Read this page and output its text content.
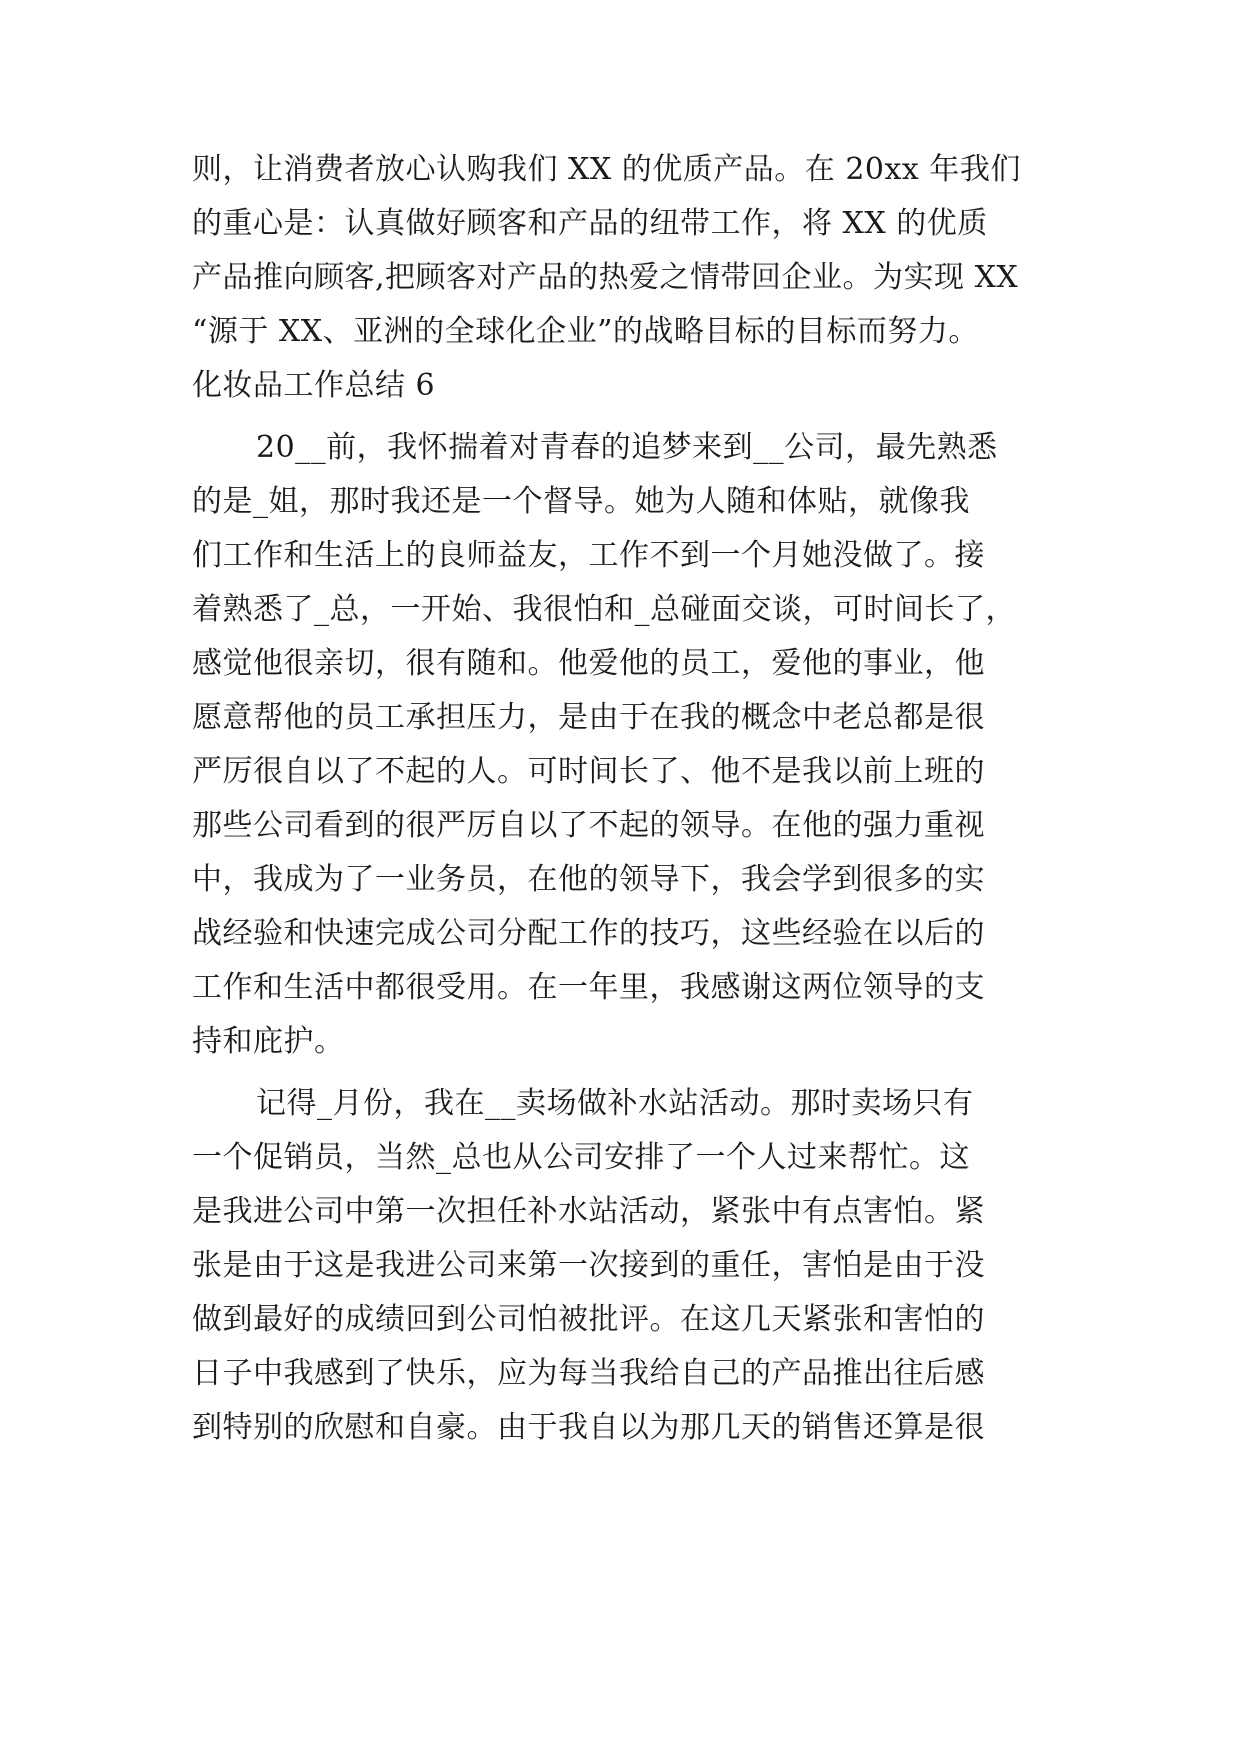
则，让消费者放心认购我们 XX 的优质产品。在 20xx 年我们
的重心是：认真做好顾客和产品的纽带工作，将 XX 的优质
产品推向顾客,把顾客对产品的热爱之情带回企业。为实现 XX
“源于 XX、亚洲的全球化企业”的战略目标的目标而努力。
化妆品工作总结 6
20__前，我怀揣着对青春的追梦来到__公司，最先熟悉
的是_姐，那时我还是一个督导。她为人随和体贴，就像我
们工作和生活上的良师益友，工作不到一个月她没做了。接
着熟悉了_总，一开始、我很怕和_总碰面交谈，可时间长了，
感觉他很亲切，很有随和。他爱他的员工，爱他的事业，他
愿意帮他的员工承担压力，是由于在我的概念中老总都是很
严厉很自以了不起的人。可时间长了、他不是我以前上班的
那些公司看到的很严厉自以了不起的领导。在他的强力重视
中，我成为了一业务员，在他的领导下，我会学到很多的实
战经验和快速完成公司分配工作的技巧，这些经验在以后的
工作和生活中都很受用。在一年里，我感谢这两位领导的支
持和庇护。
记得_月份，我在__卖场做补水站活动。那时卖场只有
一个促销员，当然_总也从公司安排了一个人过来帮忙。这
是我进公司中第一次担任补水站活动，紧张中有点害怕。紧
张是由于这是我进公司来第一次接到的重任，害怕是由于没
做到最好的成绩回到公司怕被批评。在这几天紧张和害怕的
日子中我感到了快乐，应为每当我给自己的产品推出往后感
到特别的欣慰和自豪。由于我自以为那几天的销售还算是很
